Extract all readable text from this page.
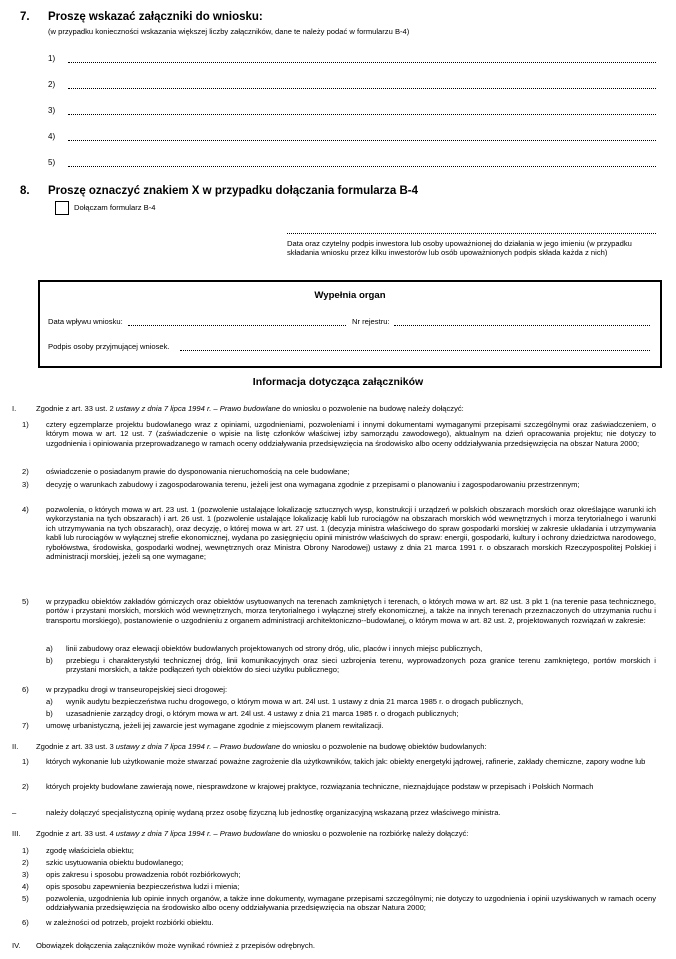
7. Proszę wskazać załączniki do wniosku:
(w przypadku konieczności wskazania większej liczby załączników, dane te należy podać w formularzu B-4)
1)
2)
3)
4)
5)
8. Proszę oznaczyć znakiem X w przypadku dołączania formularza B-4
Dołączam formularz B-4
Data oraz czytelny podpis inwestora lub osoby upoważnionej do działania w jego imieniu (w przypadku składania wniosku przez kilku inwestorów lub osób upoważnionych podpis składa każda z nich)
Wypełnia organ
Data wpływu wniosku:	Nr rejestru:
Podpis osoby przyjmującej wniosek.
Informacja dotycząca załączników
I.	Zgodnie z art. 33 ust. 2 ustawy z dnia 7 lipca 1994 r. – Prawo budowlane do wniosku o pozwolenie na budowę należy dołączyć:
1) cztery egzemplarze projektu budowlanego wraz z opiniami, uzgodnieniami, pozwoleniami i innymi dokumentami wymaganymi przepisami szczególnymi oraz zaświadczeniem, o którym mowa w art. 12 ust. 7 (zaświadczenie o wpisie na listę członków właściwej izby samorządu zawodowego), aktualnym na dzień opracowania projektu; nie dotyczy to uzgodnienia i opiniowania przeprowadzanego w ramach oceny oddziaływania przedsięwzięcia na środowisko albo oceny oddziaływania przedsięwzięcia na obszar Natura 2000;
2) oświadczenie o posiadanym prawie do dysponowania nieruchomością na cele budowlane;
3) decyzję o warunkach zabudowy i zagospodarowania terenu, jeżeli jest ona wymagana zgodnie z przepisami o planowaniu i zagospodarowaniu przestrzennym;
4) pozwolenia, o których mowa w art. 23 ust. 1 (pozwolenie ustalające lokalizację sztucznych wysp, konstrukcji i urządzeń w polskich obszarach morskich oraz określające warunki ich wykorzystania na tych obszarach) i art. 26 ust. 1 (pozwolenie ustalające lokalizację kabli lub rurociągów na obszarach morskich wód wewnętrznych i morza terytorialnego i warunki ich utrzymywania na tych obszarach), oraz decyzję, o której mowa w art. 27 ust. 1 (decyzja ministra właściwego do spraw gospodarki morskiej w zakresie układania i utrzymywania kabli lub rurociągów w wyłącznej strefie ekonomicznej, wydana po zasięgnięciu opinii ministrów właściwych do spraw: energii, gospodarki, kultury i ochrony dziedzictwa narodowego, rybołówstwa, środowiska, gospodarki wodnej, wewnętrznych oraz Ministra Obrony Narodowej) ustawy z dnia 21 marca 1991 r. o obszarach morskich Rzeczypospolitej Polskiej i administracji morskiej, jeżeli są one wymagane;
5) w przypadku obiektów zakładów górniczych oraz obiektów usytuowanych na terenach zamkniętych i terenach, o których mowa w art. 82 ust. 3 pkt 1 (na terenie pasa technicznego, portów i przystani morskich, morskich wód wewnętrznych, morza terytorialnego i wyłącznej strefy ekonomicznej, a także na innych terenach przeznaczonych do utrzymania ruchu i transportu morskiego), postanowienie o uzgodnieniu z organem administracji architektoniczno--budowlanej, o którym mowa w art. 82 ust. 2, projektowanych rozwiązań w zakresie:
a) linii zabudowy oraz elewacji obiektów budowlanych projektowanych od strony dróg, ulic, placów i innych miejsc publicznych,
b) przebiegu i charakterystyki technicznej dróg, linii komunikacyjnych oraz sieci uzbrojenia terenu, wyprowadzonych poza granice terenu zamkniętego, portów morskich i przystani morskich, a także podłączeń tych obiektów do sieci użytku publicznego;
6) w przypadku drogi w transeuropejskiej sieci drogowej:
a) wynik audytu bezpieczeństwa ruchu drogowego, o którym mowa w art. 24l ust. 1 ustawy z dnia 21 marca 1985 r. o drogach publicznych,
b) uzasadnienie zarządcy drogi, o którym mowa w art. 24l ust. 4 ustawy z dnia 21 marca 1985 r. o drogach publicznych;
7) umowę urbanistyczną, jeżeli jej zawarcie jest wymagane zgodnie z miejscowym planem rewitalizacji.
II. Zgodnie z art. 33 ust. 3 ustawy z dnia 7 lipca 1994 r. – Prawo budowlane do wniosku o pozwolenie na budowę obiektów budowlanych:
1) których wykonanie lub użytkowanie może stwarzać poważne zagrożenie dla użytkowników, takich jak: obiekty energetyki jądrowej, rafinerie, zakłady chemiczne, zapory wodne lub
2) których projekty budowlane zawierają nowe, niesprawdzone w krajowej praktyce, rozwiązania techniczne, nieznajdujące podstaw w przepisach i Polskich Normach
–	należy dołączyć specjalistyczną opinię wydaną przez osobę fizyczną lub jednostkę organizacyjną wskazaną przez właściwego ministra.
III. Zgodnie z art. 33 ust. 4 ustawy z dnia 7 lipca 1994 r. – Prawo budowlane do wniosku o pozwolenie na rozbiórkę należy dołączyć:
1) zgodę właściciela obiektu;
2) szkic usytuowania obiektu budowlanego;
3) opis zakresu i sposobu prowadzenia robót rozbiórkowych;
4) opis sposobu zapewnienia bezpieczeństwa ludzi i mienia;
5) pozwolenia, uzgodnienia lub opinie innych organów, a także inne dokumenty, wymagane przepisami szczególnymi; nie dotyczy to uzgodnienia i opinii uzyskiwanych w ramach oceny oddziaływania przedsięwzięcia na środowisko albo oceny oddziaływania przedsięwzięcia na obszar Natura 2000;
6) w zależności od potrzeb, projekt rozbiórki obiektu.
IV. Obowiązek dołączenia załączników może wynikać również z przepisów odrębnych.
